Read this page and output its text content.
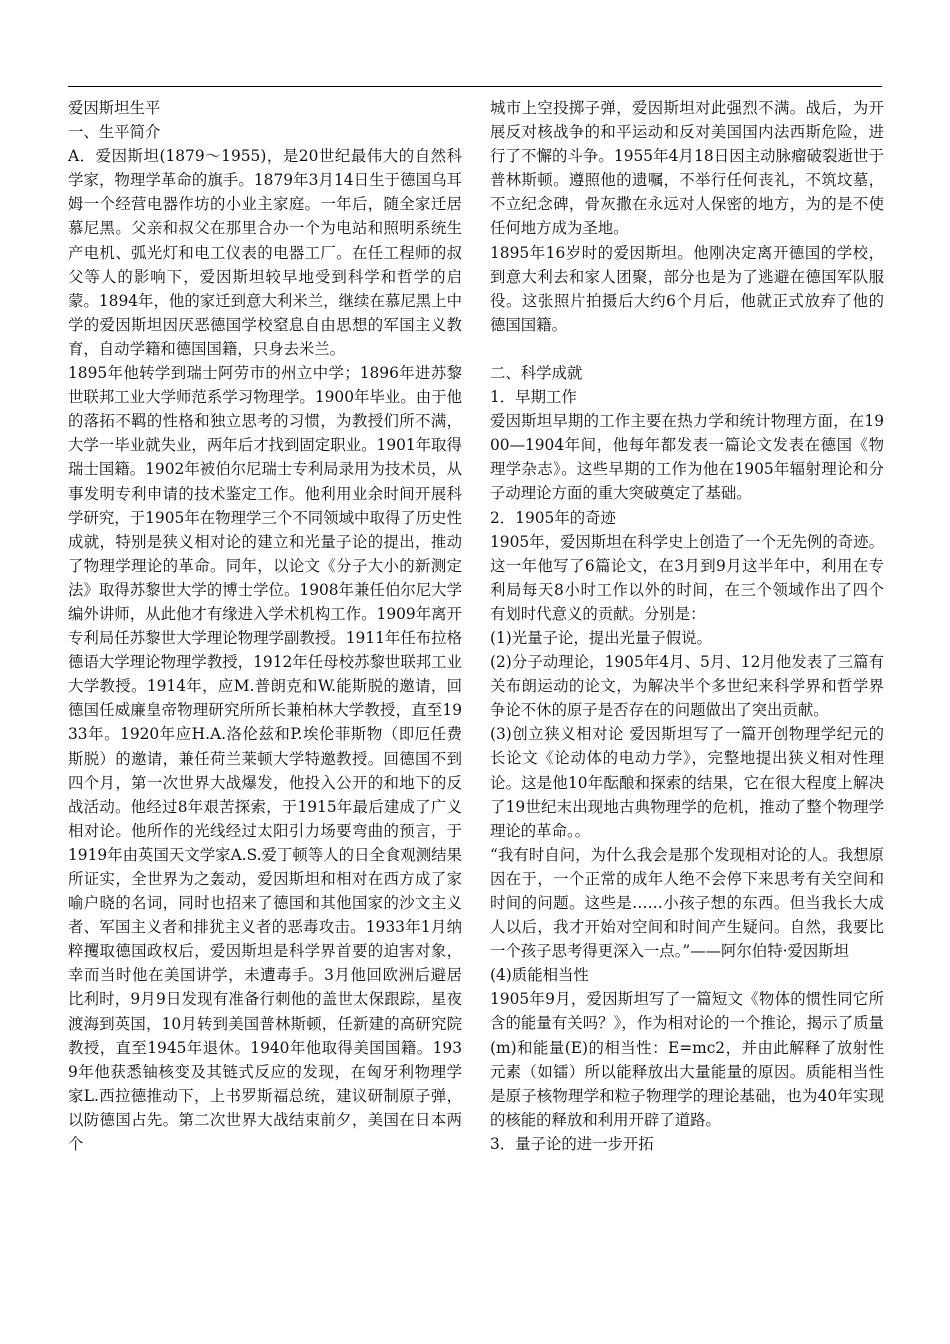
爱因斯坦生平

一、生平简介

A．爱因斯坦(1879～1955)，是20世纪最伟大的自然科学家，物理学革命的旗手。1879年3月14日生于德国乌耳姆一个经营电器作坊的小业主家庭。一年后，随全家迁居慕尼黑。父亲和叔父在那里合办一个为电站和照明系统生产电机、弧光灯和电工仪表的电器工厂。在任工程师的叔父等人的影响下，爱因斯坦较早地受到科学和哲学的启蒙。1894年，他的家迁到意大利米兰，继续在慕尼黑上中学的爱因斯坦因厌恶德国学校窒息自由思想的军国主义教育，自动学籍和德国国籍，只身去米兰。

1895年他转学到瑞士阿劳市的州立中学；1896年进苏黎世联邦工业大学师范系学习物理学。1900年毕业。由于他的落拓不羁的性格和独立思考的习惯，为教授们所不满，大学一毕业就失业，两年后才找到固定职业。1901年取得瑞士国籍。1902年被伯尔尼瑞士专利局录用为技术员，从事发明专利申请的技术鉴定工作。他利用业余时间开展科学研究，于1905年在物理学三个不同领域中取得了历史性成就，特别是狭义相对论的建立和光量子论的提出，推动了物理学理论的革命。同年，以论文《分子大小的新测定法》取得苏黎世大学的博士学位。1908年兼任伯尔尼大学编外讲师，从此他才有缘进入学术机构工作。1909年离开专利局任苏黎世大学理论物理学副教授。1911年任布拉格德语大学理论物理学教授，1912年任母校苏黎世联邦工业大学教授。1914年，应M.普朗克和W.能斯脱的邀请，回德国任威廉皇帝物理研究所所长兼柏林大学教授，直至1933年。1920年应H.A.洛伦兹和P.埃伦菲斯物（即厄任费斯脱）的邀请，兼任荷兰莱顿大学特邀教授。回德国不到四个月，第一次世界大战爆发，他投入公开的和地下的反战活动。他经过8年艰苦探索，于1915年最后建成了广义相对论。他所作的光线经过太阳引力场要弯曲的预言，于1919年由英国天文学家A.S.爱丁顿等人的日全食观测结果所证实，全世界为之轰动，爱因斯坦和相对在西方成了家喻户晓的名词，同时也招来了德国和其他国家的沙文主义者、军国主义者和排犹主义者的恶毒攻击。1933年1月纳粹攫取德国政权后，爱因斯坦是科学界首要的迫害对象，幸而当时他在美国讲学，未遭毒手。3月他回欧洲后避居比利时，9月9日发现有准备行刺他的盖世太保跟踪，星夜渡海到英国，10月转到美国普林斯顿，任新建的高研究院教授，直至1945年退休。1940年他取得美国国籍。1939年他获悉铀核变及其链式反应的发现，在匈牙利物理学家L.西拉德推动下，上书罗斯福总统，建议研制原子弹，以防德国占先。第二次世界大战结束前夕，美国在日本两个

城市上空投掷子弹，爱因斯坦对此强烈不满。战后，为开展反对核战争的和平运动和反对美国国内法西斯危险，进行了不懈的斗争。1955年4月18日因主动脉瘤破裂逝世于普林斯顿。遵照他的遗嘱，不举行任何丧礼，不筑坟墓，不立纪念碑，骨灰撒在永远对人保密的地方，为的是不使任何地方成为圣地。

1895年16岁时的爱因斯坦。他刚决定离开德国的学校，到意大利去和家人团聚，部分也是为了逃避在德国军队服役。这张照片拍摄后大约6个月后，他就正式放弃了他的德国国籍。

二、科学成就

1．早期工作

爱因斯坦早期的工作主要在热力学和统计物理方面，在1900—1904年间，他每年都发表一篇论文发表在德国《物理学杂志》。这些早期的工作为他在1905年辐射理论和分子动理论方面的重大突破奠定了基础。

2．1905年的奇迹

1905年，爱因斯坦在科学史上创造了一个无先例的奇迹。这一年他写了6篇论文，在3月到9月这半年中，利用在专利局每天8小时工作以外的时间，在三个领域作出了四个有划时代意义的贡献。分别是：

(1)光量子论，提出光量子假说。

(2)分子动理论，1905年4月、5月、12月他发表了三篇有关布朗运动的论文，为解决半个多世纪来科学界和哲学界争论不休的原子是否存在的问题做出了突出贡献。

(3)创立狭义相对论 爱因斯坦写了一篇开创物理学纪元的长论文《论动体的电动力学》，完整地提出狭义相对性理论。这是他10年酝酿和探索的结果，它在很大程度上解决了19世纪末出现地古典物理学的危机，推动了整个物理学理论的革命。。

“我有时自问，为什么我会是那个发现相对论的人。我想原因在于，一个正常的成年人绝不会停下来思考有关空间和时间的问题。这些是……小孩子想的东西。但当我长大成人以后，我才开始对空间和时间产生疑问。自然，我要比一个孩子思考得更深入一点。”——阿尔伯特·爱因斯坦

(4)质能相当性

1905年9月，爱因斯坦写了一篇短文《物体的惯性同它所含的能量有关吗？》，作为相对论的一个推论，揭示了质量(m)和能量(E)的相当性：E=mc2，并由此解释了放射性元素（如镭）所以能释放出大量能量的原因。质能相当性是原子核物理学和粒子物理学的理论基础，也为40年实现的核能的释放和利用开辟了道路。

3．量子论的进一步开拓
